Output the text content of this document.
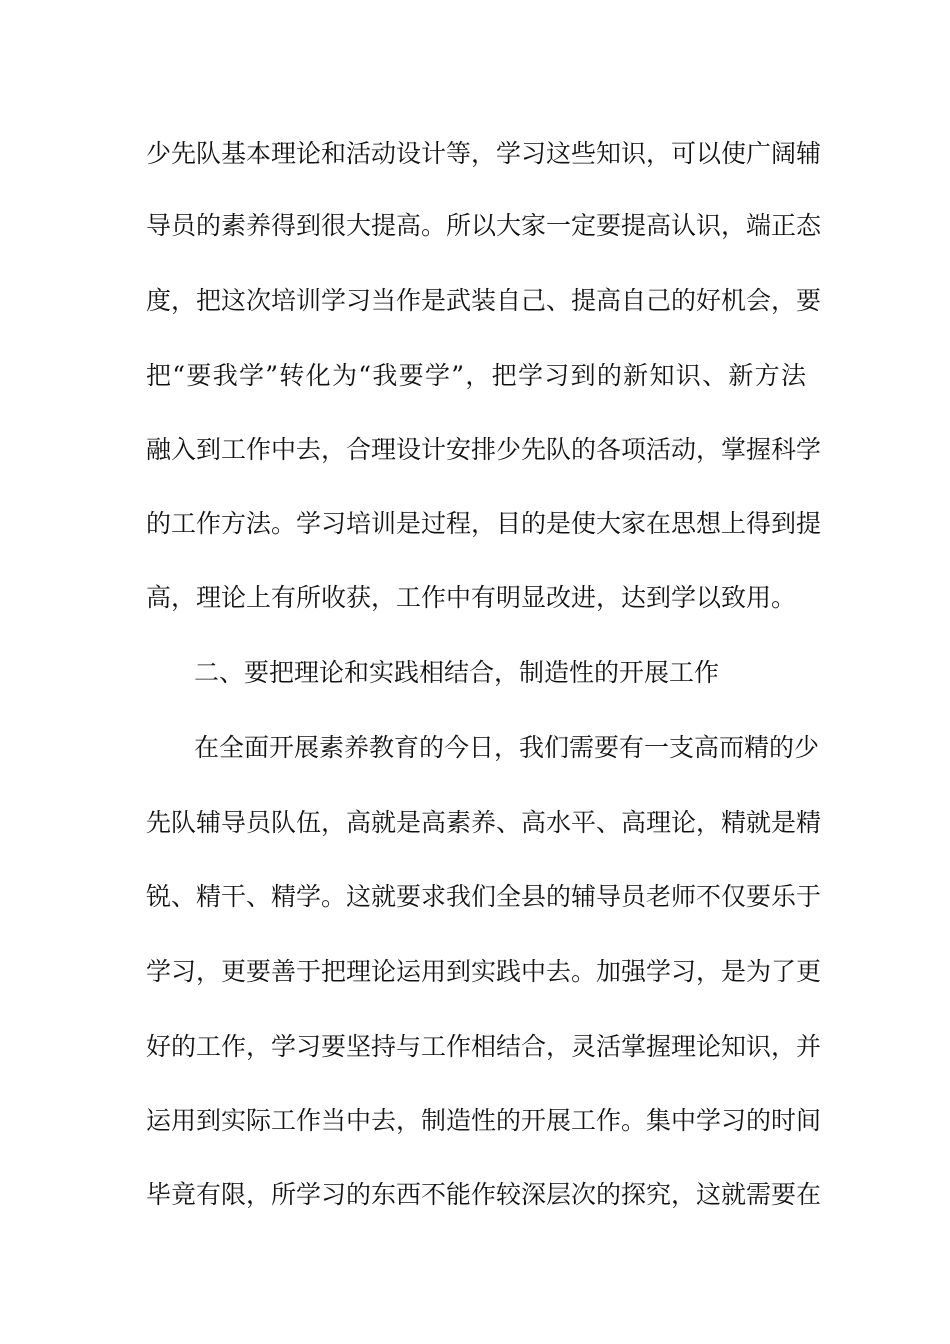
少先队基本理论和活动设计等，学习这些知识，可以使广阔辅
导员的素养得到很大提高。所以大家一定要提高认识，端正态
度，把这次培训学习当作是武装自己、提高自己的好机会，要
把“要我学”转化为“我要学”，把学习到的新知识、新方法
融入到工作中去，合理设计安排少先队的各项活动，掌握科学
的工作方法。学习培训是过程，目的是使大家在思想上得到提
高，理论上有所收获，工作中有明显改进，达到学以致用。
二、要把理论和实践相结合，制造性的开展工作
在全面开展素养教育的今日，我们需要有一支高而精的少
先队辅导员队伍，高就是高素养、高水平、高理论，精就是精
锐、精干、精学。这就要求我们全县的辅导员老师不仅要乐于
学习，更要善于把理论运用到实践中去。加强学习，是为了更
好的工作，学习要坚持与工作相结合，灵活掌握理论知识，并
运用到实际工作当中去，制造性的开展工作。集中学习的时间
毕竟有限，所学习的东西不能作较深层次的探究，这就需要在
